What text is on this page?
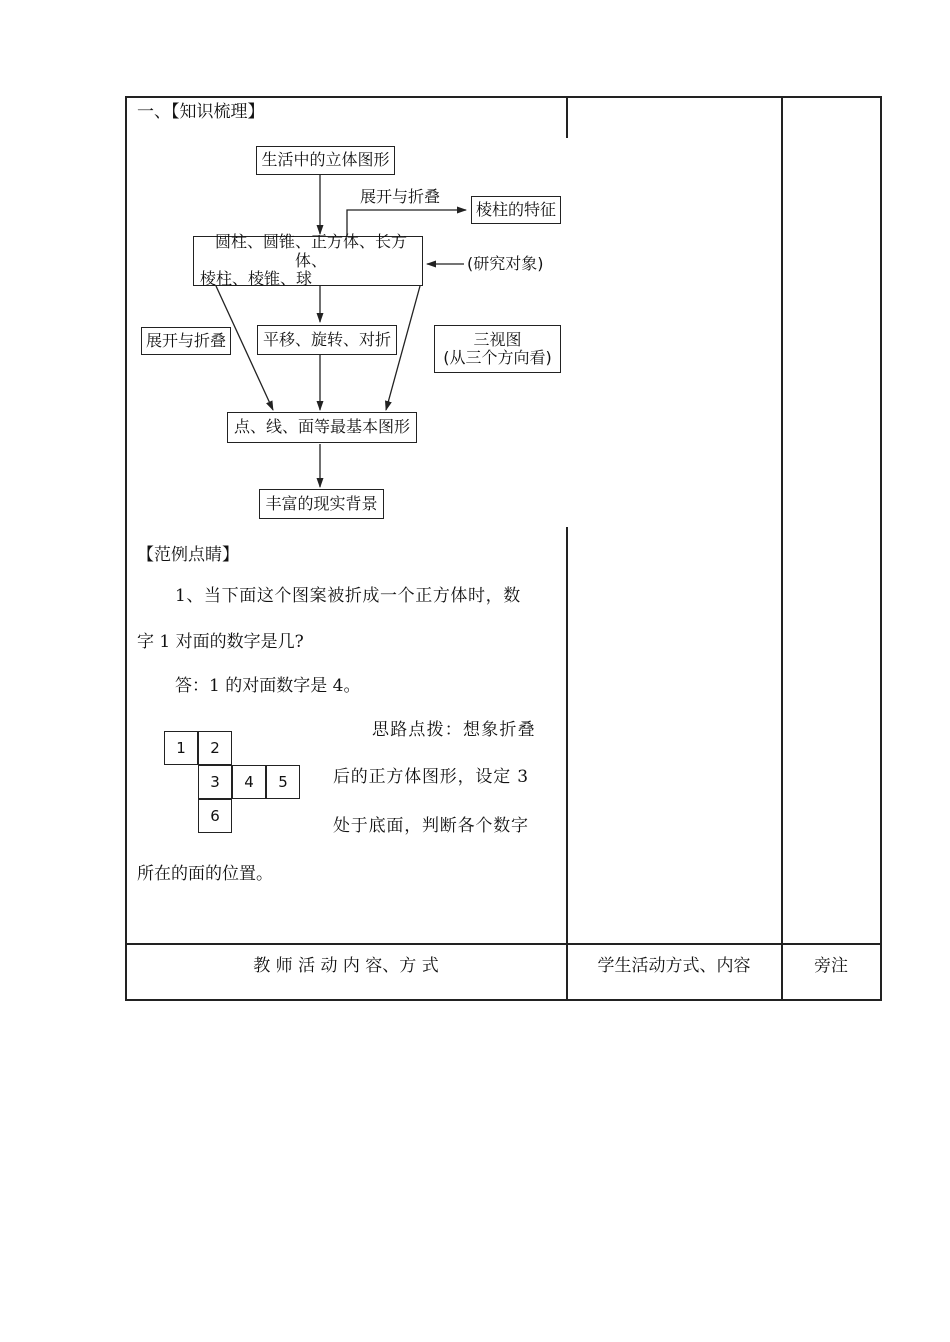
一、【知识梳理】
生活中的立体图形
展开与折叠
棱柱的特征
圆柱、圆锥、正方体、长方体、
棱柱、棱锥、球
(研究对象)
展开与折叠	平移、旋转、对折	三视图
(从三个方向看)
点、线、面等最基本图形
丰富的现实背景
【范例点睛】
1、当下面这个图案被折成一个正方体时，数
字 1 对面的数字是几?
答：1 的对面数字是 4。
1	2
3	4	5
6
思路点拨：想象折叠
后的正方体图形，设定 3
处于底面，判断各个数字
所在的面的位置。
教 师 活 动 内 容、方 式	学生活动方式、内容	旁注
